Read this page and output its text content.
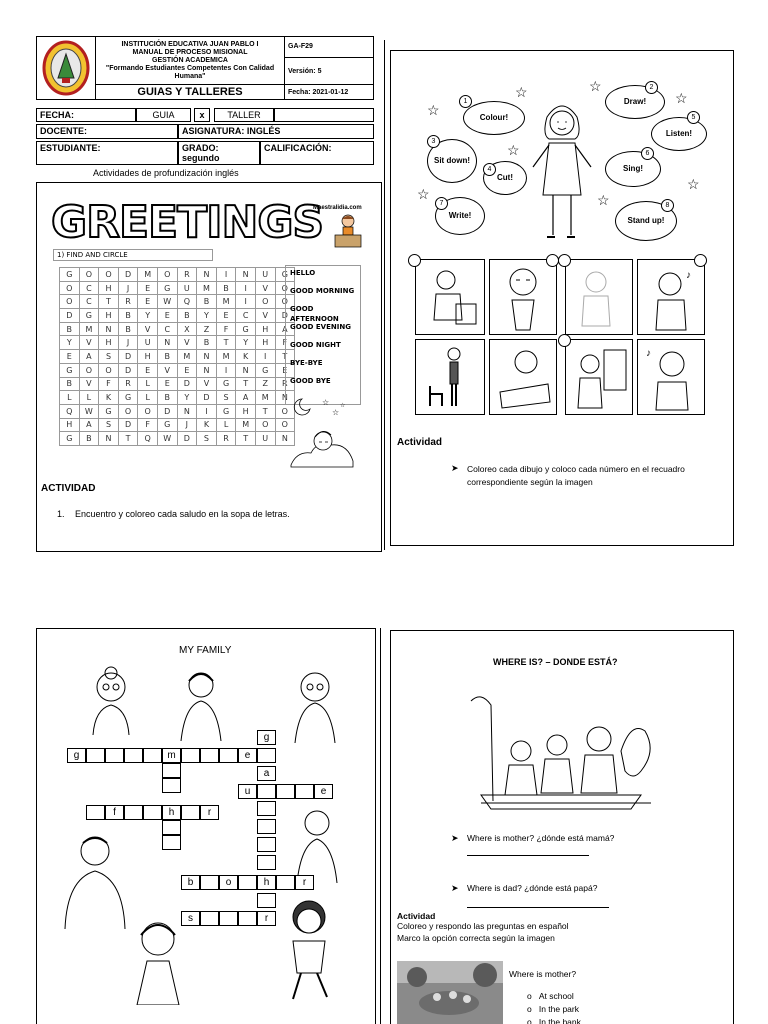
INSTITUCIÓN EDUCATIVA JUAN PABLO I
MANUAL DE PROCESO MISIONAL
GESTIÓN ACADEMICA
"Formando Estudiantes Competentes Con Calidad Humana"
GA-F29
Versión: 5
GUIAS Y TALLERES	Fecha: 2021-01-12
FECHA:	GUIA	x	TALLER
DOCENTE:	ASIGNATURA: INGLÉS
ESTUDIANTE:	GRADO:
segundo
CALIFICACIÓN:
Actividades de profundización inglés
GREETINGS
Maestralidia.com
1) FIND AND CIRCLE
G	O	O	D	M	O	R	N	I	N	U	G
O	C	H	J	E	G	U	M	B	I	V	O
O	C	T	R	E	W	Q	B	M	I	O	O
D	G	H	B	Y	E	B	Y	E	C	V	D
B	M	N	B	V	C	X	Z	F	G	H	A
Y	V	H	J	U	N	V	B	T	Y	H	F
E	A	S	D	H	B	M	N	M	K	I	T
G	O	O	D	E	V	E	N	I	N	G	E
B	V	F	R	L	E	D	V	G	T	Z	R
L	L	K	G	L	B	Y	D	S	A	M	N
Q	W	G	O	O	D	N	I	G	H	T	O
H	A	S	D	F	G	J	K	L	M	O	O
G	B	N	T	Q	W	D	S	R	T	U	N
HELLO
GOOD MORNING
GOOD AFTERNOON
GOOD EVENING
GOOD NIGHT
BYE-BYE
GOOD BYE
☆
☆
☆
ACTIVIDAD
1. Encuentro y coloreo cada saludo en la sopa de letras.
Colour!
1	Draw!
2
Sit down!
3
Cut!
4
Listen!
5
Sing!
6
Write!
7
Stand up!
8
☆
☆	☆
☆
☆
☆	☆
☆
♪
♪
Actividad
➤ Coloreo cada dibujo y coloco cada número en el recuadro correspondiente según la imagen
MY FAMILY
g	m	e
g
a
u	e
f	h	r
b	o	h	r
s	r
WHERE IS? – DONDE ESTÁ?
➤ Where is mother? ¿dónde está mamá?
➤ Where is dad? ¿dónde está papá?
Actividad
Coloreo y respondo las preguntas en español
Marco la opción correcta según la imagen
Where is mother?
o At school
o In the park
o In the bank
